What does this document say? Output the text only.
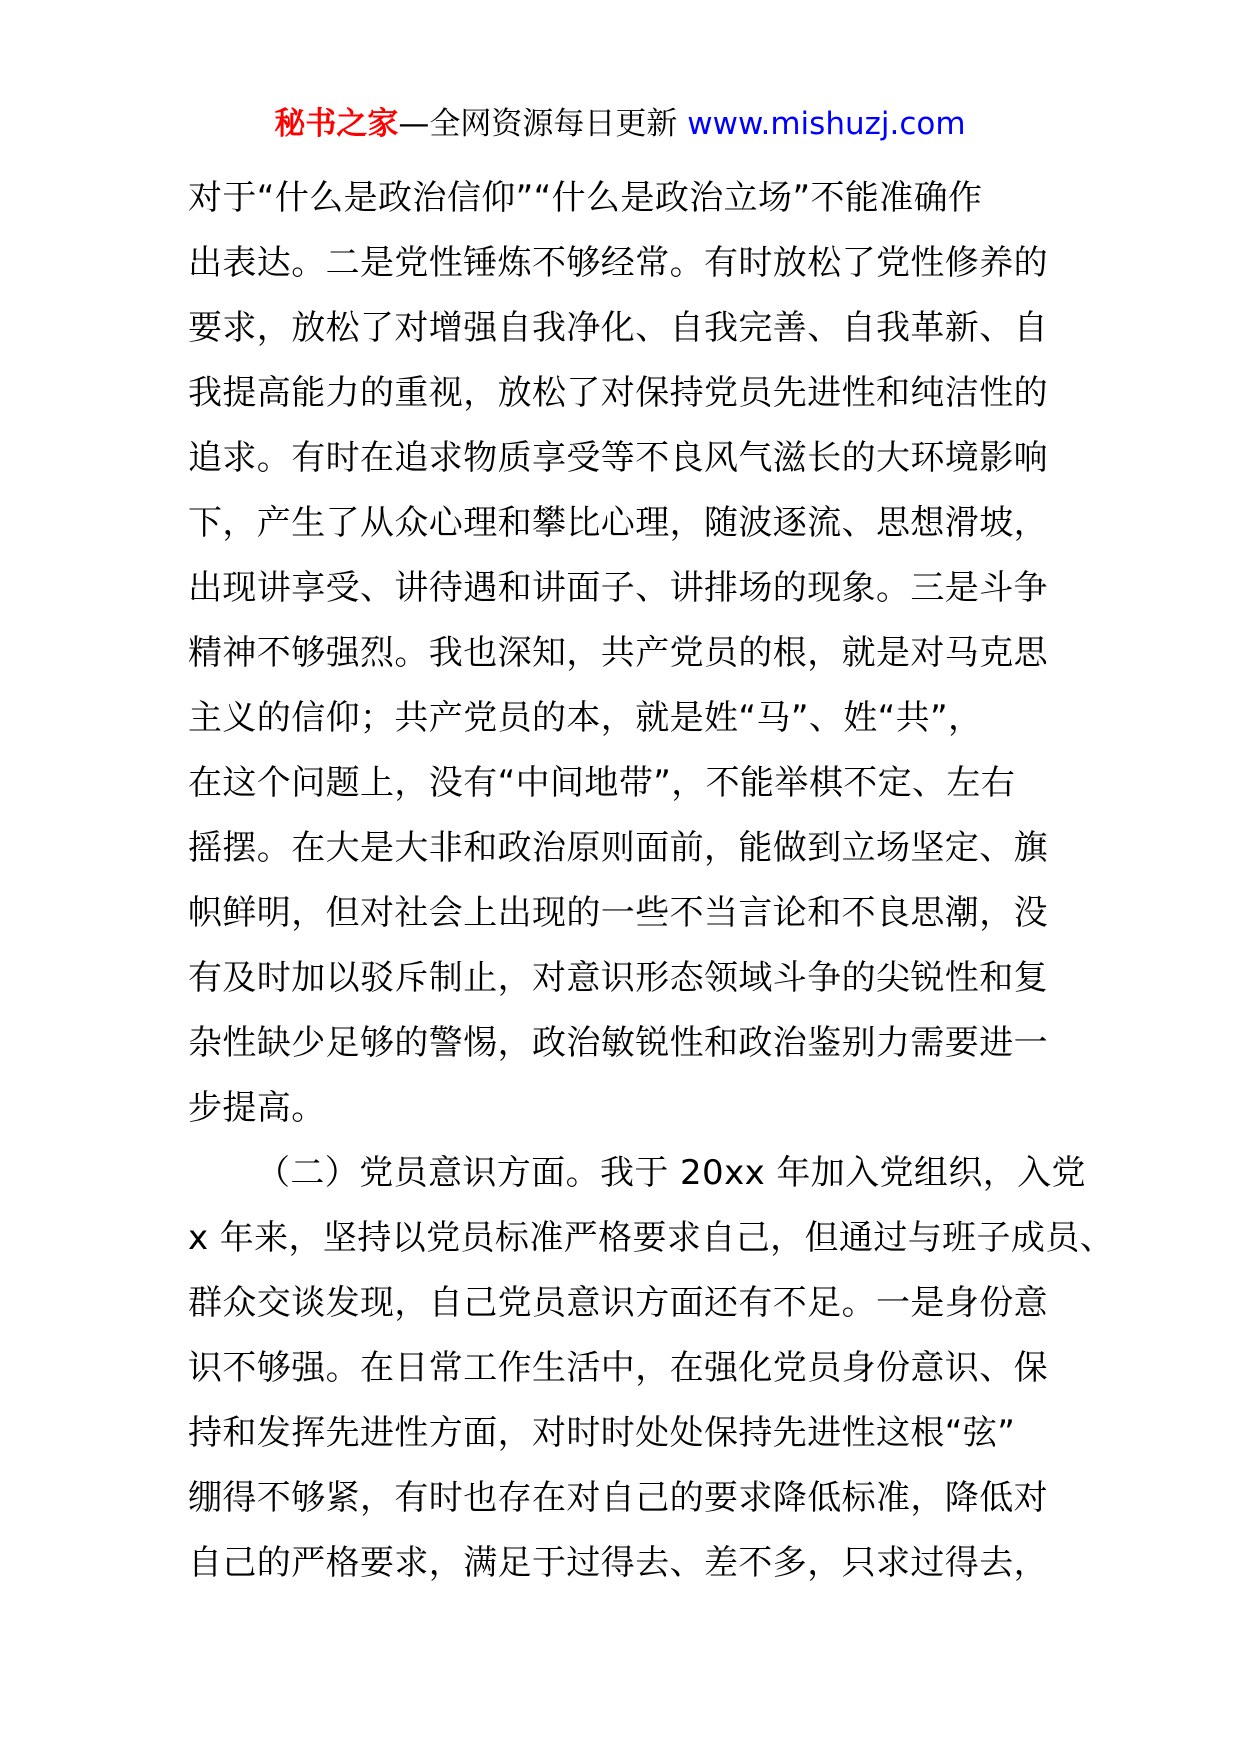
秘书之家—全网资源每日更新 www.mishuzj.com
对于“什么是政治信仰”“什么是政治立场”不能准确作
出表达。二是党性锤炼不够经常。有时放松了党性修养的
要求，放松了对增强自我净化、自我完善、自我革新、自
我提高能力的重视，放松了对保持党员先进性和纯洁性的
追求。有时在追求物质享受等不良风气滋长的大环境影响
下，产生了从众心理和攀比心理，随波逐流、思想滑坡，
出现讲享受、讲待遇和讲面子、讲排场的现象。三是斗争
精神不够强烈。我也深知，共产党员的根，就是对马克思
主义的信仰；共产党员的本，就是姓“马”、姓“共”，
在这个问题上，没有“中间地带”，不能举棋不定、左右
摇摆。在大是大非和政治原则面前，能做到立场坚定、旗
帜鲜明，但对社会上出现的一些不当言论和不良思潮，没
有及时加以驳斥制止，对意识形态领域斗争的尖锐性和复
杂性缺少足够的警惕，政治敏锐性和政治鉴别力需要进一
步提高。
（二）党员意识方面。我于 20xx 年加入党组织，入党
x 年来，坚持以党员标准严格要求自己，但通过与班子成员、
群众交谈发现，自己党员意识方面还有不足。一是身份意
识不够强。在日常工作生活中，在强化党员身份意识、保
持和发挥先进性方面，对时时处处保持先进性这根“弦”
绷得不够紧，有时也存在对自己的要求降低标准，降低对
自己的严格要求，满足于过得去、差不多，只求过得去，
